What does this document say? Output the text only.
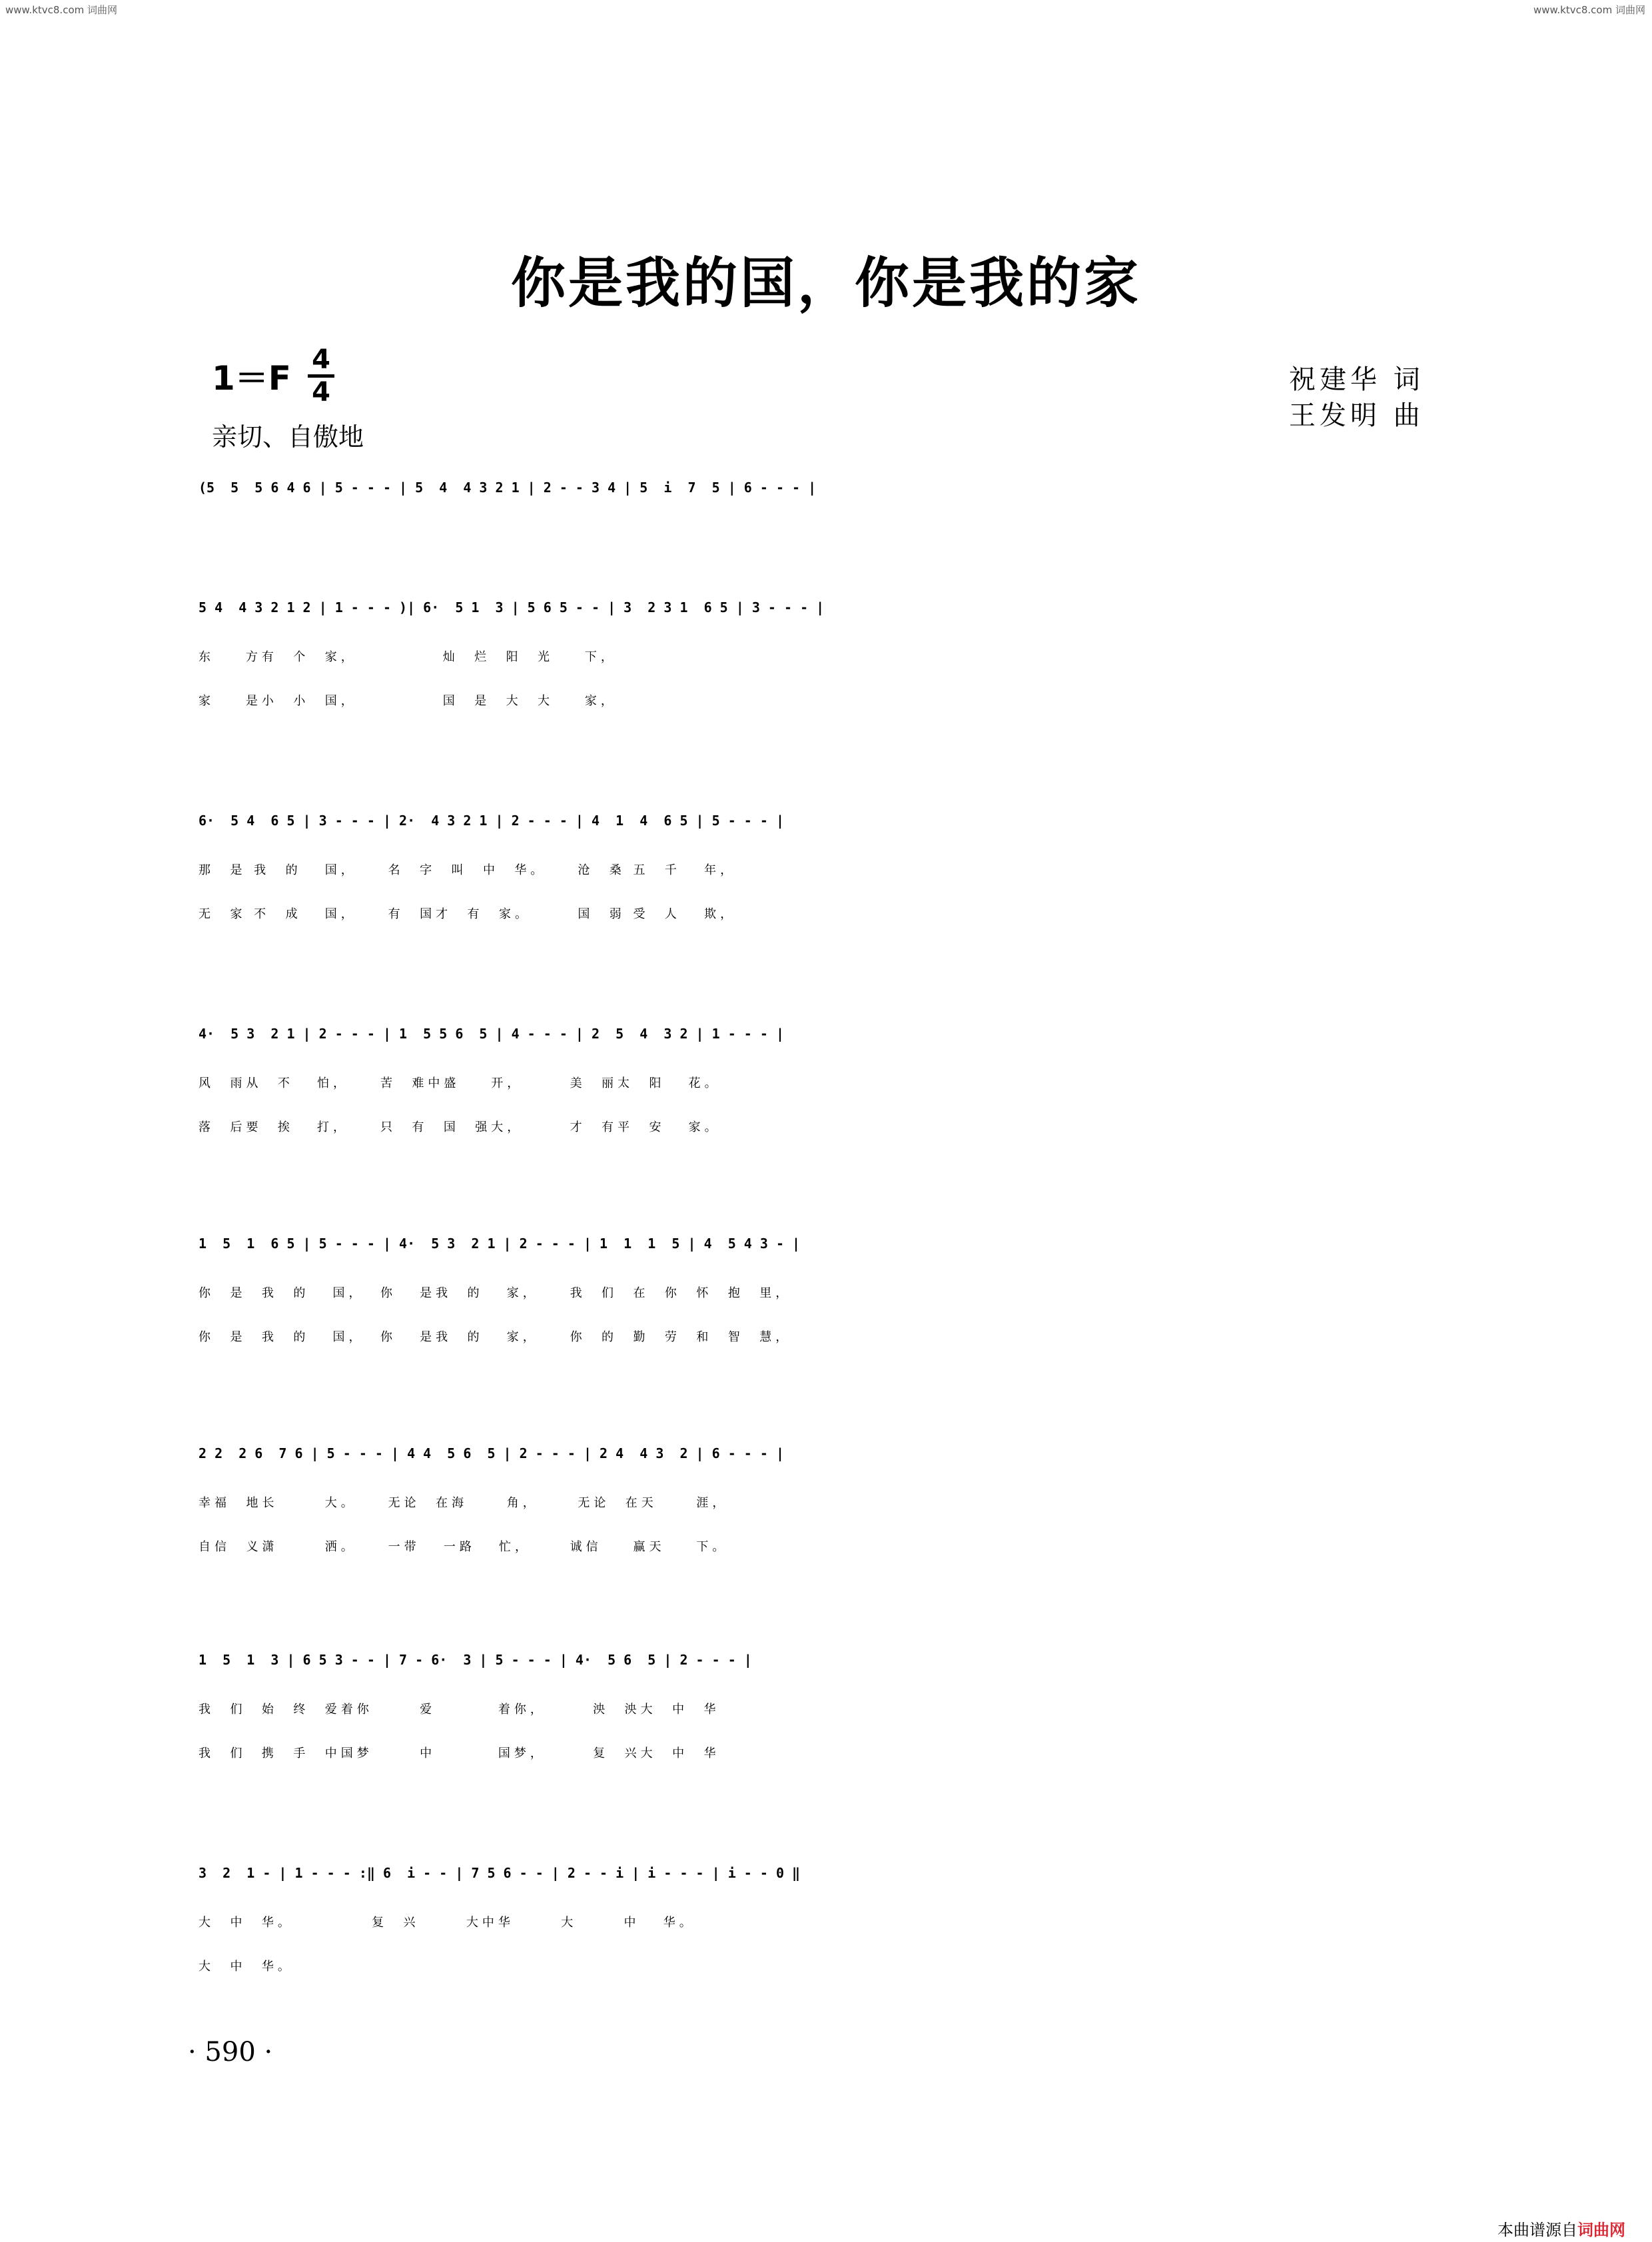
www.ktvc8.com 词曲网	www.ktvc8.com 词曲网
你是我的国，你是我的家
1＝F 4
4
亲切、自傲地
祝建华 词
王发明 曲
(5  5  5 6 4 6 | 5 - - - | 5  4  4 3 2 1 | 2 - - 3 4 | 5  i  7  5 | 6 - - - |
5 4  4 3 2 1 2 | 1 - - - )| 6·  5 1  3 | 5 6 5 - - | 3  2 3 1  6 5 | 3 - - - |
东    方有  个  家，           灿  烂  阳  光    下，
家    是小  小  国，           国  是  大  大    家，
6·  5 4  6 5 | 3 - - - | 2·  4 3 2 1 | 2 - - - | 4  1  4  6 5 | 5 - - - |
那  是 我  的   国，    名  字  叫  中  华。    沧  桑 五  千   年，
无  家 不  成   国，    有  国才  有  家。      国  弱 受  人   欺，
4·  5 3  2 1 | 2 - - - | 1  5 5 6  5 | 4 - - - | 2  5  4  3 2 | 1 - - - |
风  雨从  不   怕，    苦  难中盛    开，      美  丽太  阳   花。
落  后要  挨   打，    只  有  国  强大，      才  有平  安   家。
1  5  1  6 5 | 5 - - - | 4·  5 3  2 1 | 2 - - - | 1  1  1  5 | 4  5 4 3 - |
你  是  我  的   国，  你   是我  的   家，    我  们  在  你  怀  抱  里，
你  是  我  的   国，  你   是我  的   家，    你  的  勤  劳  和  智  慧，
2 2  2 6  7 6 | 5 - - - | 4 4  5 6  5 | 2 - - - | 2 4  4 3  2 | 6 - - - |
幸福  地长      大。    无论  在海     角，     无论  在天     涯，
自信  义潇      洒。    一带   一路   忙，     诚信    赢天    下。
1  5  1  3 | 6 5 3 - - | 7 - 6·  3 | 5 - - - | 4·  5 6  5 | 2 - - - |
我  们  始  终  爱着你      爱        着你，      泱  泱大  中  华
我  们  携  手  中国梦      中        国梦，      复  兴大  中  华
3  2  1 - | 1 - - - :‖ 6  i - - | 7 5 6 - - | 2 - - i | i - - - | i - - 0 ‖
大  中  华。          复  兴      大中华      大      中   华。
大  中  华。
· 590 ·
本曲谱源自词曲网
